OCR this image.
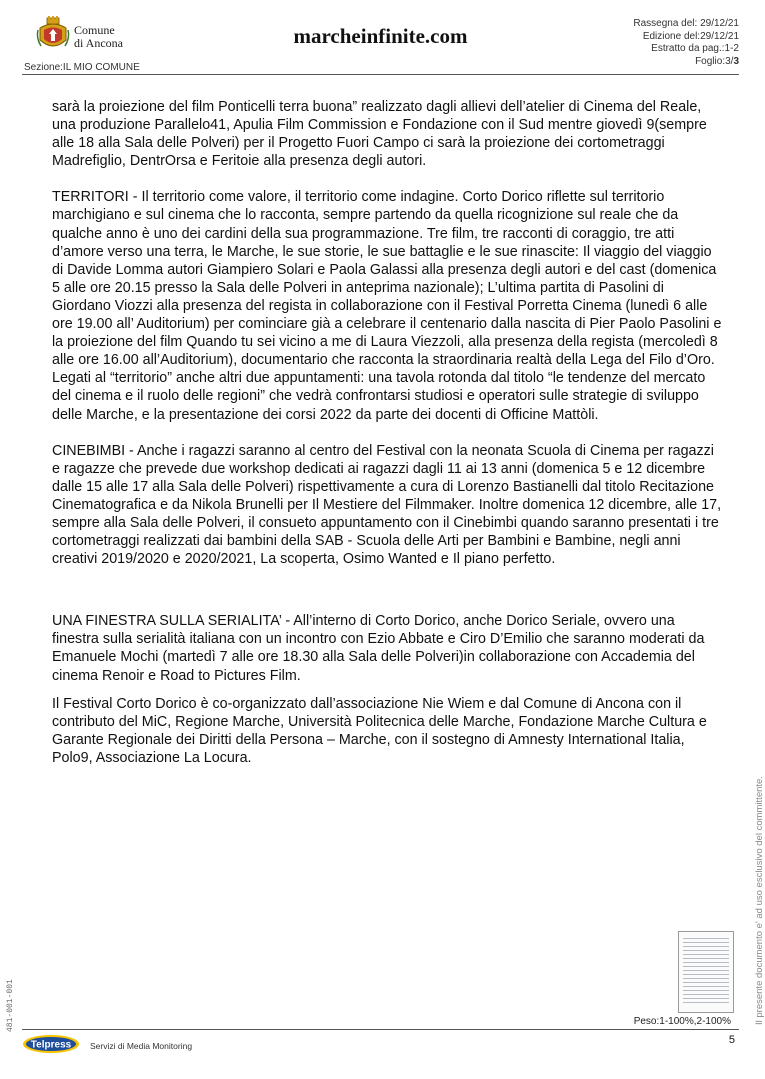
Comune
di Ancona	marcheinfinite.com
Rassegna del: 29/12/21
Edizione del:29/12/21
Estratto da pag.:1-2
Foglio:3/3
Sezione:IL MIO COMUNE

sarà la proiezione del film Ponticelli terra buona” realizzato dagli allievi dell’atelier di Cinema del Reale, una produzione Parallelo41, Apulia Film Commission e Fondazione con il Sud mentre giovedì 9(sempre alle 18 alla Sala delle Polveri) per il Progetto Fuori Campo ci sarà la proiezione dei cortometraggi Madrefiglio, DentrOrsa e Feritoie alla presenza degli autori.

TERRITORI - Il territorio come valore, il territorio come indagine. Corto Dorico riflette sul territorio marchigiano e sul cinema che lo racconta, sempre partendo da quella ricognizione sul reale che da qualche anno è uno dei cardini della sua programmazione. Tre film, tre racconti di coraggio, tre atti d’amore verso una terra, le Marche, le sue storie, le sue battaglie e le sue rinascite: Il viaggio del viaggio di Davide Lomma autori Giampiero Solari e Paola Galassi alla presenza degli autori e del cast (domenica 5 alle ore 20.15 presso la Sala delle Polveri in anteprima nazionale); L’ultima partita di Pasolini di Giordano Viozzi alla presenza del regista in collaborazione con il Festival Porretta Cinema (lunedì 6 alle ore 19.00 all’ Auditorium) per cominciare già a celebrare il centenario dalla nascita di Pier Paolo Pasolini e la proiezione del film Quando tu sei vicino a me di Laura Viezzoli, alla presenza della regista (mercoledì 8 alle ore 16.00 all’Auditorium), documentario che racconta la straordinaria realtà della Lega del Filo d’Oro. Legati al “territorio” anche altri due appuntamenti: una tavola rotonda dal titolo “le tendenze del mercato del cinema e il ruolo delle regioni” che vedrà confrontarsi studiosi e operatori sulle strategie di sviluppo delle Marche, e la presentazione dei corsi 2022 da parte dei docenti di Officine Mattòli.

CINEBIMBI - Anche i ragazzi saranno al centro del Festival con la neonata Scuola di Cinema per ragazzi e ragazze che prevede due workshop dedicati ai ragazzi dagli 11 ai 13 anni (domenica 5 e 12 dicembre dalle 15 alle 17 alla Sala delle Polveri) rispettivamente a cura di Lorenzo Bastianelli dal titolo Recitazione Cinematografica e da Nikola Brunelli per Il Mestiere del Filmmaker. Inoltre domenica 12 dicembre, alle 17, sempre alla Sala delle Polveri, il consueto appuntamento con il Cinebimbi quando saranno presentati i tre cortometraggi realizzati dai bambini della SAB - Scuola delle Arti per Bambini e Bambine, negli anni creativi 2019/2020 e 2020/2021, La scoperta, Osimo Wanted e Il piano perfetto.

UNA FINESTRA SULLA SERIALITA’ - All’interno di Corto Dorico, anche Dorico Seriale, ovvero una finestra sulla serialità italiana con un incontro con Ezio Abbate e Ciro D’Emilio che saranno moderati da Emanuele Mochi (martedì 7 alle ore 18.30 alla Sala delle Polveri)in collaborazione con Accademia del cinema Renoir e Road to Pictures Film.

Il Festival Corto Dorico è co-organizzato dall’associazione Nie Wiem e dal Comune di Ancona con il contributo del MiC, Regione Marche, Università Politecnica delle Marche, Fondazione Marche Cultura e Garante Regionale dei Diritti della Persona – Marche, con il sostegno di Amnesty International Italia, Polo9, Associazione La Locura.

Il presente documento e' ad uso esclusivo del committente.
481-001-001	Peso:1-100%,2-100%
Telpress Servizi di Media Monitoring	5
